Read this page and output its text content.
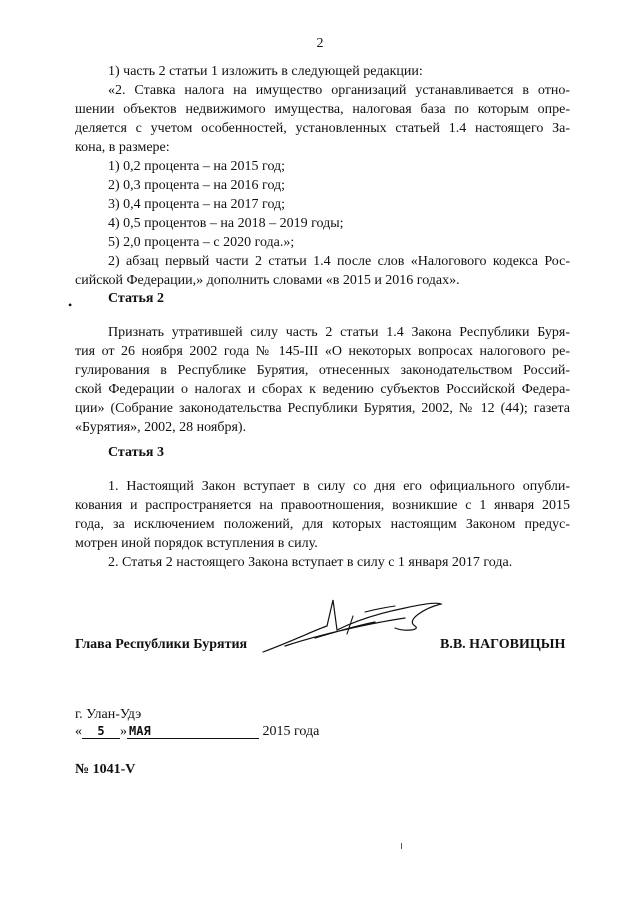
2
1) часть 2 статьи 1 изложить в следующей редакции:
«2. Ставка налога на имущество организаций устанавливается в отно-
шении объектов недвижимого имущества, налоговая база по которым опре-
деляется с учетом особенностей, установленных статьей 1.4 настоящего За-
кона, в размере:
1) 0,2 процента – на 2015 год;
2) 0,3 процента – на 2016 год;
3) 0,4 процента – на 2017 год;
4) 0,5 процентов – на 2018 – 2019 годы;
5) 2,0 процента – с 2020 года.»;
2) абзац первый части 2 статьи 1.4 после слов «Налогового кодекса Рос-
сийской Федерации,» дополнить словами «в 2015 и 2016 годах».
•	Статья 2
Признать утратившей силу часть 2 статьи 1.4 Закона Республики Буря-
тия от 26 ноября 2002 года № 145-III «О некоторых вопросах налогового ре-
гулирования в Республике Бурятия, отнесенных законодательством Россий-
ской Федерации о налогах и сборах к ведению субъектов Российской Федера-
ции» (Собрание законодательства Республики Бурятия, 2002, № 12 (44); газета
«Бурятия», 2002, 28 ноября).
Статья 3
1. Настоящий Закон вступает в силу со дня его официального опубли-
кования и распространяется на правоотношения, возникшие с 1 января 2015
года, за исключением положений, для которых настоящим Законом предус-
мотрен иной порядок вступления в силу.
2. Статья 2 настоящего Закона вступает в силу с 1 января 2017 года.
Глава Республики Бурятия	В.В. НАГОВИЦЫН
г. Улан-Удэ
« 5 » МАЯ	2015 года
№ 1041-V
